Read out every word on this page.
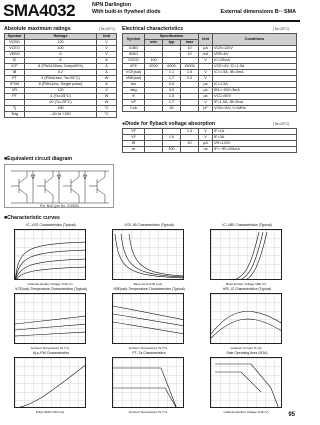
SMA4032	NPN Darlington
With built-in flywheel diode	External dimensions B···SMA
Absolute maximum ratings	(Ta=25°C)
Symbol	Ratings	Unit
VCBO	120	V
VCEO	100	V
VEBO	6	V
IC	6	A
ICP	8 (PW≤100ms, Duty≤50%)	A
IB	0.2	A
PT	4 (PW≤1sec, Ta=25°C)	W
IFSM	8 (PW≤1ms, Single pulse)	A
VR	120	V
PT	4 (Ta=25°C)	W
	20 (Tc=25°C)	W
Tj	150	°C
Tstg	–40 to +150	°C
Electrical characteristics	(Ta=25°C)
Symbol	Specification			Unit	Conditions
	min	typ	max		
ICBO			10	μA	VCB=120V
IEBO			10	mA	VEB=6V
VCEO	100			V	IC=25mA
hFE	2000	6000	15000		VCE=4V, IC=1.5A
VCE(sat)		1.1	1.5	V	IC=1.5A, IB=3mA
VBE(sat)		1.7	2.0	V	
ton		0.5		μs	IC=1.5A
tstg		4.5		μs	IB1=−IB2=3mA
tf		1.5		μs	VCC=50V
VF		1.7		V	IF=1.5A, IB=3mA
Cob		30		pF	VCB=10V, f=1MHz
●Diode for flyback voltage absorption	(Ta=25°C)
VF			1.5	V	IF=1A
VF		1.6		V	IF=3A
IR			10	μA	VR=120V
trr		100		ns	IF=−IR=100mA
■Equivalent circuit diagram
Pin: BoD (pin No. 2/3/5/8)
■Characteristic curves
IC–VCE Characteristics (Typical)
Collector-Emitter Voltage VCE (V)
VCE–IB Characteristics (Typical)
Base Current IB (mA)
IC–VBE Characteristics (Typical)
Base-Emitter Voltage VBE (V)
VCE(sat)–Temperature Characteristics (Typical)
Ambient Temperature Ta (°C)
VBE(sat)–Temperature Characteristics (Typical)
Ambient Temperature Ta (°C)
hFE–IC Characteristics (Typical)
Collector Current IC (A)
θj-a–PW Characteristics
Pulse Width PW (ms)
PT–Ta Characteristics
Ambient Temperature Ta (°C)
Safe Operating Area (SOA)
Collector-Emitter Voltage VCE (V)	95
